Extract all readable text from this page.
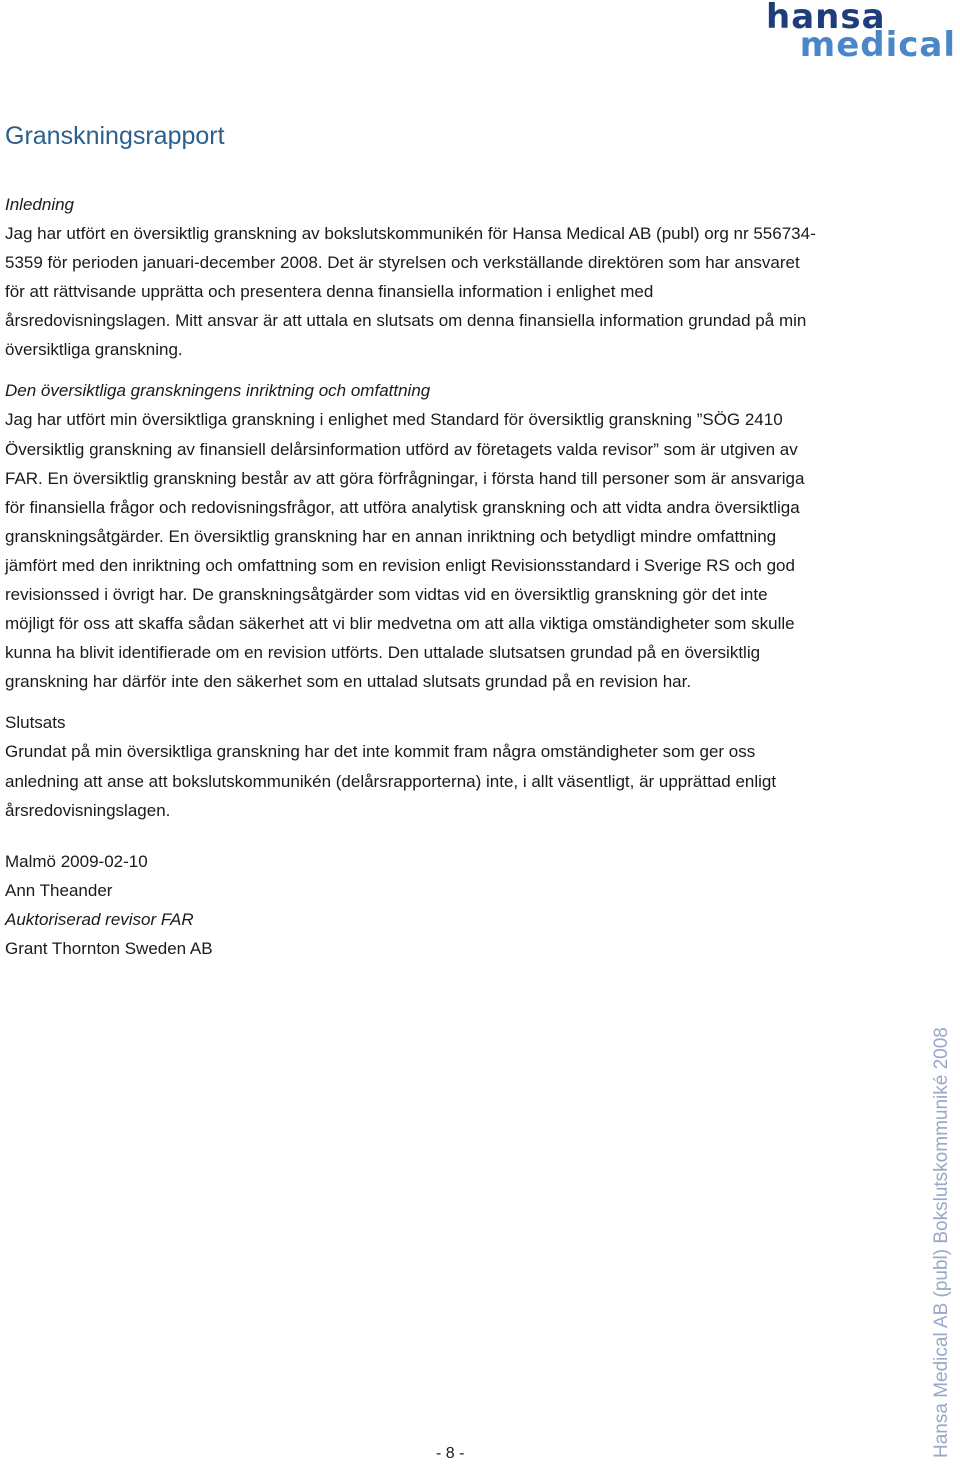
hansa
medical
Granskningsrapport
Inledning

Jag har utfört en översiktlig granskning av bokslutskommunikén för Hansa Medical AB (publ) org nr 556734-5359 för perioden januari-december 2008. Det är styrelsen och verkställande direktören som har ansvaret för att rättvisande upprätta och presentera denna finansiella information i enlighet med årsredovisningslagen. Mitt ansvar är att uttala en slutsats om denna finansiella information grundad på min översiktliga granskning.

Den översiktliga granskningens inriktning och omfattning

Jag har utfört min översiktliga granskning i enlighet med Standard för översiktlig granskning ”SÖG 2410 Översiktlig granskning av finansiell delårsinformation utförd av företagets valda revisor” som är utgiven av FAR. En översiktlig granskning består av att göra förfrågningar, i första hand till personer som är ansvariga för finansiella frågor och redovisningsfrågor, att utföra analytisk granskning och att vidta andra översiktliga granskningsåtgärder. En översiktlig granskning har en annan inriktning och betydligt mindre omfattning jämfört med den inriktning och omfattning som en revision enligt Revisionsstandard i Sverige RS och god revisionssed i övrigt har. De granskningsåtgärder som vidtas vid en översiktlig granskning gör det inte möjligt för oss att skaffa sådan säkerhet att vi blir medvetna om att alla viktiga omständigheter som skulle kunna ha blivit identifierade om en revision utförts. Den uttalade slutsatsen grundad på en översiktlig granskning har därför inte den säkerhet som en uttalad slutsats grundad på en revision har.

Slutsats

Grundat på min översiktliga granskning har det inte kommit fram några omständigheter som ger oss anledning att anse att bokslutskommunikén (delårsrapporterna) inte, i allt väsentligt, är upprättad enligt årsredovisningslagen.

Malmö 2009-02-10
Ann Theander
Auktoriserad revisor FAR
Grant Thornton Sweden AB
- 8 -	Hansa Medical AB (publ) Bokslutskommuniké 2008
